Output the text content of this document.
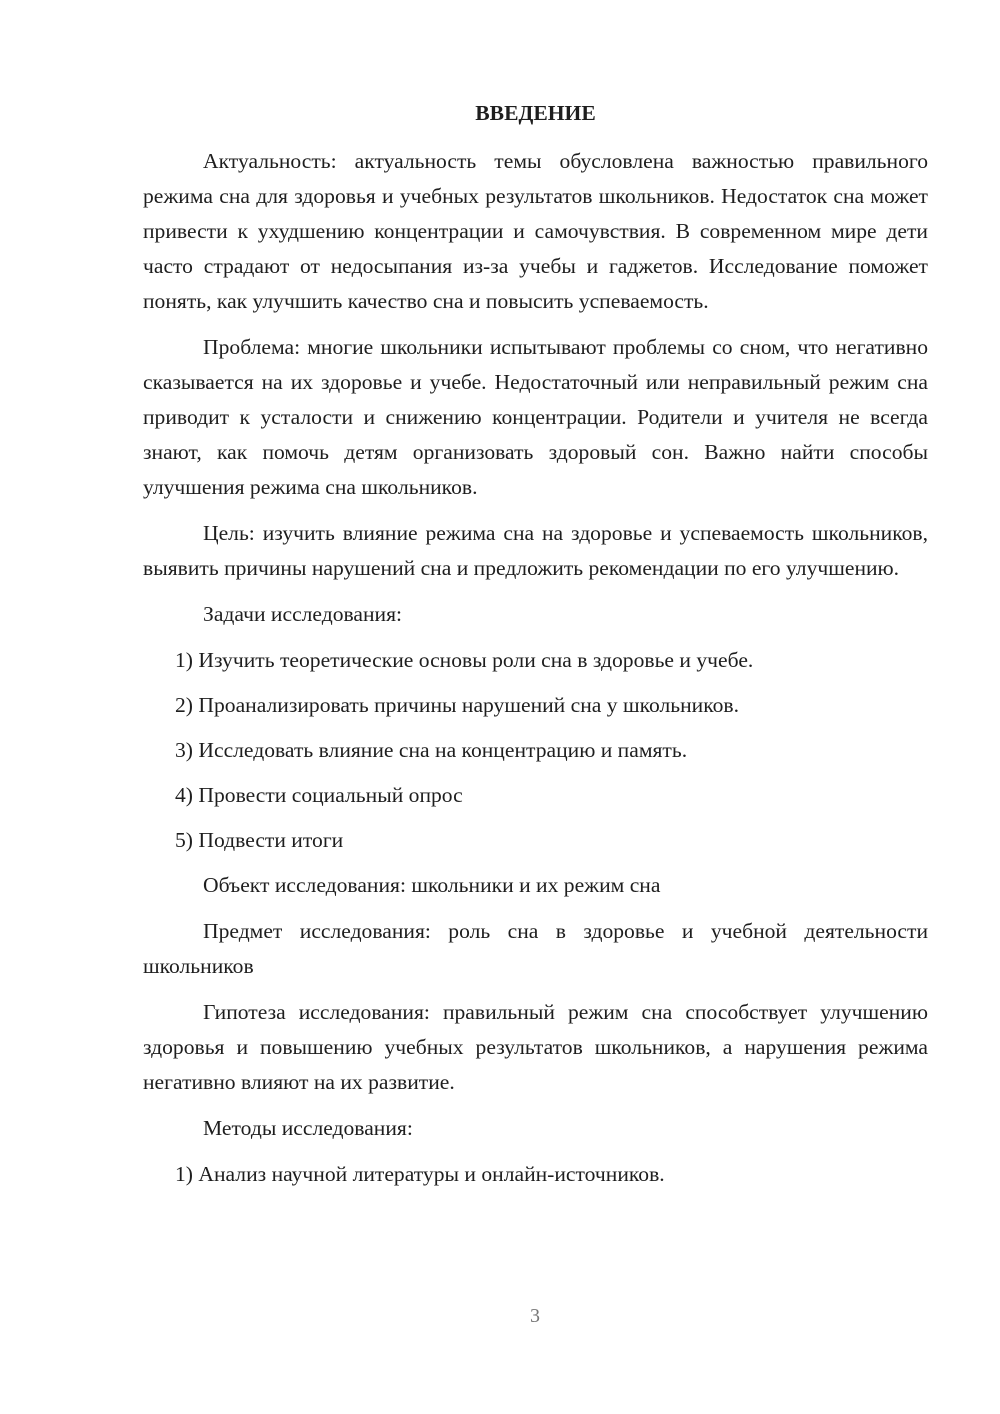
ВВЕДЕНИЕ
Актуальность: актуальность темы обусловлена важностью правильного режима сна для здоровья и учебных результатов школьников. Недостаток сна может привести к ухудшению концентрации и самочувствия. В современном мире дети часто страдают от недосыпания из-за учебы и гаджетов. Исследование поможет понять, как улучшить качество сна и повысить успеваемость.
Проблема: многие школьники испытывают проблемы со сном, что негативно сказывается на их здоровье и учебе. Недостаточный или неправильный режим сна приводит к усталости и снижению концентрации. Родители и учителя не всегда знают, как помочь детям организовать здоровый сон. Важно найти способы улучшения режима сна школьников.
Цель: изучить влияние режима сна на здоровье и успеваемость школьников, выявить причины нарушений сна и предложить рекомендации по его улучшению.
Задачи исследования:
1) Изучить теоретические основы роли сна в здоровье и учебе.
2) Проанализировать причины нарушений сна у школьников.
3) Исследовать влияние сна на концентрацию и память.
4) Провести социальный опрос
5) Подвести итоги
Объект исследования: школьники и их режим сна
Предмет исследования: роль сна в здоровье и учебной деятельности школьников
Гипотеза исследования: правильный режим сна способствует улучшению здоровья и повышению учебных результатов школьников, а нарушения режима негативно влияют на их развитие.
Методы исследования:
1) Анализ научной литературы и онлайн-источников.
3
